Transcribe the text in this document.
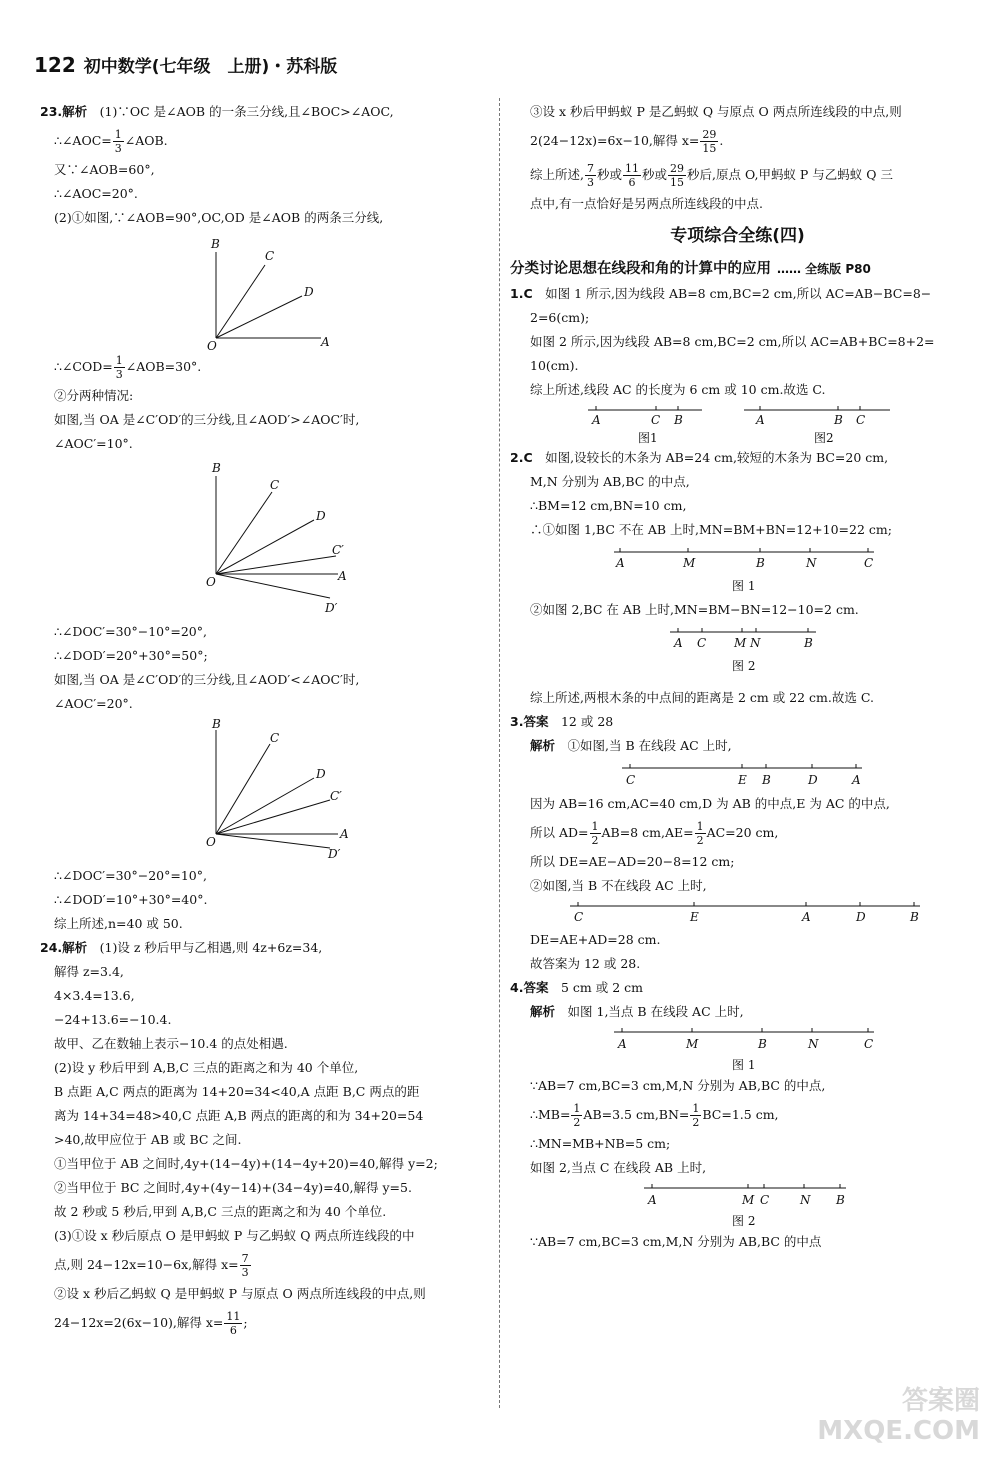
122 初中数学(七年级　上册)・苏科版
23.解析　 (1)∵OC 是∠AOB 的一条三分线,且∠BOC>∠AOC,
∴∠AOC= $\frac{1}{3}$ ∠AOB.
又∵∠AOB=60°,
∴∠AOC=20°.
(2)①如图,∵∠AOB=90°,OC,OD 是∠AOB 的两条三分线,
B
C
D
O	A
∴∠COD= $\frac{1}{3}$ ∠AOB=30°.
②分两种情况:
如图,当 OA 是∠C′OD′的三分线,且∠AOD′>∠AOC′时,
∠AOC′=10°.
B
C
D
C′
A
O
D′
∴∠DOC′=30°−10°=20°,
∴∠DOD′=20°+30°=50°;
如图,当 OA 是∠C′OD′的三分线,且∠AOD′<∠AOC′时,
∠AOC′=20°.
B
C
D
C′
A
O
D′
∴∠DOC′=30°−20°=10°,
∴∠DOD′=10°+30°=40°.
综上所述,n=40 或 50.
24.解析　 (1)设 z 秒后甲与乙相遇,则 4z+6z=34,
解得 z=3.4,
4×3.4=13.6,
−24+13.6=−10.4.
故甲、乙在数轴上表示−10.4 的点处相遇.
(2)设 y 秒后甲到 A,B,C 三点的距离之和为 40 个单位,
B 点距 A,C 两点的距离为 14+20=34<40,A 点距 B,C 两点的距
离为 14+34=48>40,C 点距 A,B 两点的距离的和为 34+20=54
>40,故甲应位于 AB 或 BC 之间.
①当甲位于 AB 之间时,4y+(14−4y)+(14−4y+20)=40,解得 y=2;
②当甲位于 BC 之间时,4y+(4y−14)+(34−4y)=40,解得 y=5.
故 2 秒或 5 秒后,甲到 A,B,C 三点的距离之和为 40 个单位.
(3)①设 x 秒后原点 O 是甲蚂蚁 P 与乙蚂蚁 Q 两点所连线段的中
点,则 24−12x=10−6x,解得 $x= \frac{7}{3}$
②设 x 秒后乙蚂蚁 Q 是甲蚂蚁 P 与原点 O 两点所连线段的中点,则
24−12x=2(6x−10),解得 $x= \frac{11}{6}$ ;
③设 x 秒后甲蚂蚁 P 是乙蚂蚁 Q 与原点 O 两点所连线段的中点,则
2(24−12x)=6x−10,解得 $x= \frac{29}{15}$ .
综上所述, $\frac{7}{3}$ 秒或 $\frac{11}{6}$ 秒或 $\frac{29}{15}$ 秒后,原点 O,甲蚂蚁 P 与乙蚂蚁 Q 三
点中,有一点恰好是另两点所连线段的中点.
专项综合全练(四)
分类讨论思想在线段和角的计算中的应用 …… 全练版 P80
1.C　 如图 1 所示,因为线段 AB=8 cm,BC=2 cm,所以 AC=AB−BC=8−
2=6(cm);
如图 2 所示,因为线段 AB=8 cm,BC=2 cm,所以 AC=AB+BC=8+2=
10(cm).
综上所述,线段 AC 的长度为 6 cm 或 10 cm.故选 C.
A	C B	A	B C
图1	图2
2.C　 如图,设较长的木条为 AB=24 cm,较短的木条为 BC=20 cm,
M,N 分别为 AB,BC 的中点,
∴BM=12 cm,BN=10 cm,
∴①如图 1,BC 不在 AB 上时,MN=BM+BN=12+10=22 cm;
A	M	B	N	C
图 1
②如图 2,BC 在 AB 上时,MN=BM−BN=12−10=2 cm.
A C M N	B
图 2
综上所述,两根木条的中点间的距离是 2 cm 或 22 cm.故选 C.
3.答案　 12 或 28
解析　 ①如图,当 B 在线段 AC 上时,
C	E B	D	A
因为 AB=16 cm,AC=40 cm,D 为 AB 的中点,E 为 AC 的中点,
所以 $AD= \frac{1}{2} AB=8$ $cm,AE= \frac{1}{2} AC=20$ cm,
所以 DE=AE−AD=20−8=12 cm;
②如图,当 B 不在线段 AC 上时,
C	E	A	D	B
DE=AE+AD=28 cm.
故答案为 12 或 28.
4.答案　 5 cm 或 2 cm
解析　 如图 1,当点 B 在线段 AC 上时,
A	M	B	N	C
图 1
∵AB=7 cm,BC=3 cm,M,N 分别为 AB,BC 的中点,
∴MB= $\frac{1}{2} AB=3.5$ $cm,BN= \frac{1}{2} BC=1.5$ cm,
∴MN=MB+NB=5 cm;
如图 2,当点 C 在线段 AB 上时,
A	M C	N B
图 2
∵AB=7 cm,BC=3 cm,M,N 分别为 AB,BC 的中点
答案圈
MXQE.COM
